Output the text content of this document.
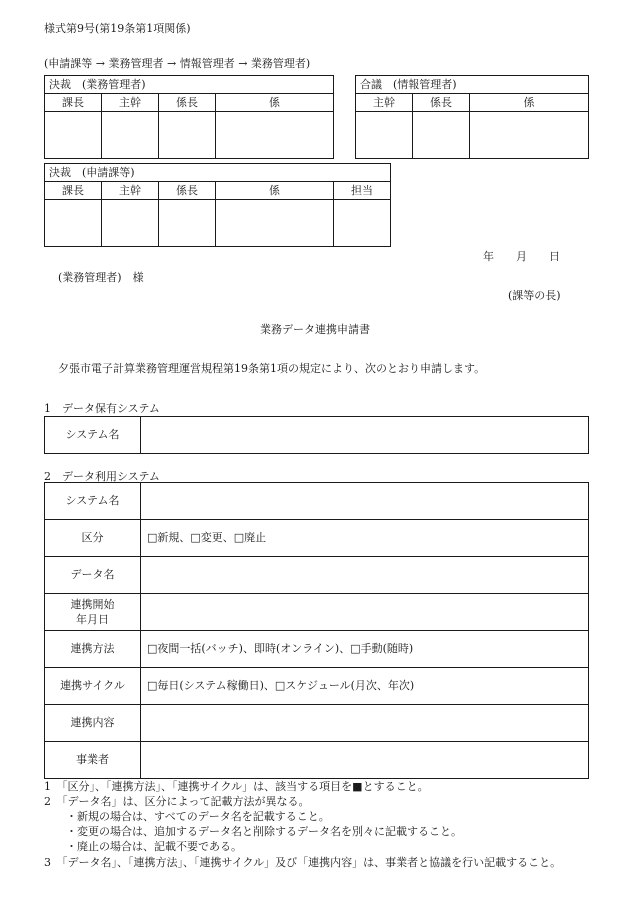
様式第9号(第19条第1項関係)
(申請課等 → 業務管理者 → 情報管理者 → 業務管理者)
決裁　(業務管理者)			
課長	主幹	係長	係

合議　(情報管理者)		
主幹	係長	係

決裁　(申請課等)				
課長	主幹	係長	係	担当

年　　月　　日
(業務管理者)　様
(課等の長)
業務データ連携申請書
夕張市電子計算業務管理運営規程第19条第1項の規定により、次のとおり申請します。
1　データ保有システム
システム名	
2　データ利用システム
システム名	
区分	□新規、□変更、□廃止
データ名	
連携開始
年月日	
連携方法	□夜間一括(バッチ)、即時(オンライン)、□手動(随時)
連携サイクル	□毎日(システム稼働日)、□スケジュール(月次、年次)
連携内容	
事業者	
1　「区分」、「連携方法」、「連携サイクル」は、該当する項目を■とすること。
2　「データ名」は、区分によって記載方法が異なる。
・新規の場合は、すべてのデータ名を記載すること。
・変更の場合は、追加するデータ名と削除するデータ名を別々に記載すること。
・廃止の場合は、記載不要である。
3　「データ名」、「連携方法」、「連携サイクル」及び「連携内容」は、事業者と協議を行い記載すること。
